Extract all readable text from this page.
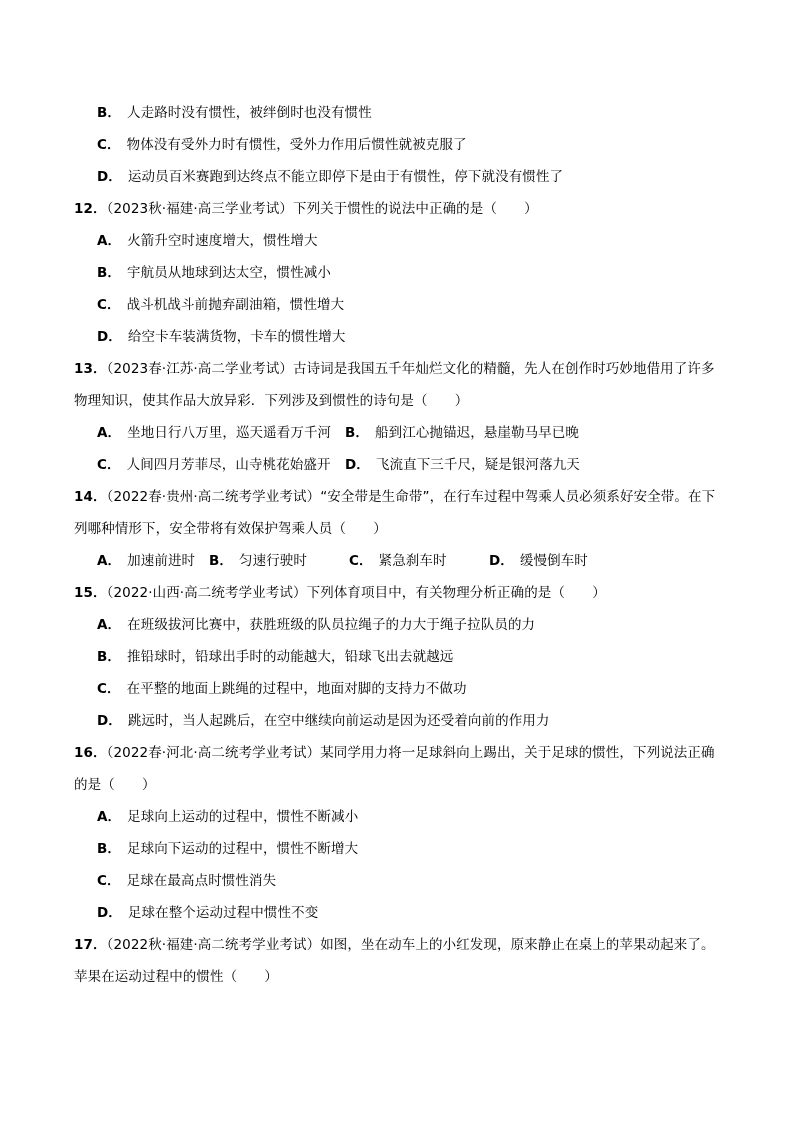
B． 人走路时没有惯性，被绊倒时也没有惯性
C． 物体没有受外力时有惯性，受外力作用后惯性就被克服了
D． 运动员百米赛跑到达终点不能立即停下是由于有惯性，停下就没有惯性了
12．（2023秋·福建·高三学业考试）下列关于惯性的说法中正确的是（　　）
A． 火箭升空时速度增大，惯性增大
B． 宇航员从地球到达太空，惯性减小
C． 战斗机战斗前抛弃副油箱，惯性增大
D． 给空卡车装满货物，卡车的惯性增大
13．（2023春·江苏·高二学业考试）古诗词是我国五千年灿烂文化的精髓，先人在创作时巧妙地借用了许多
物理知识，使其作品大放异彩．下列涉及到惯性的诗句是（　　）
A． 坐地日行八万里，巡天遥看万千河 B． 船到江心抛锚迟，悬崖勒马早已晚
C． 人间四月芳菲尽，山寺桃花始盛开 D． 飞流直下三千尺，疑是银河落九天
14．（2022春·贵州·高二统考学业考试）“安全带是生命带”，在行车过程中驾乘人员必须系好安全带。在下
列哪种情形下，安全带将有效保护驾乘人员（　　）
A． 加速前进时 B． 匀速行驶时	C． 紧急刹车时	D． 缓慢倒车时
15．（2022·山西·高二统考学业考试）下列体育项目中，有关物理分析正确的是（　　）
A． 在班级拔河比赛中，获胜班级的队员拉绳子的力大于绳子拉队员的力
B． 推铅球时，铅球出手时的动能越大，铅球飞出去就越远
C． 在平整的地面上跳绳的过程中，地面对脚的支持力不做功
D． 跳远时，当人起跳后，在空中继续向前运动是因为还受着向前的作用力
16．（2022春·河北·高二统考学业考试）某同学用力将一足球斜向上踢出，关于足球的惯性，下列说法正确
的是（　　）
A． 足球向上运动的过程中，惯性不断减小
B． 足球向下运动的过程中，惯性不断增大
C． 足球在最高点时惯性消失
D． 足球在整个运动过程中惯性不变
17．（2022秋·福建·高二统考学业考试）如图，坐在动车上的小红发现，原来静止在桌上的苹果动起来了。
苹果在运动过程中的惯性（　　）
